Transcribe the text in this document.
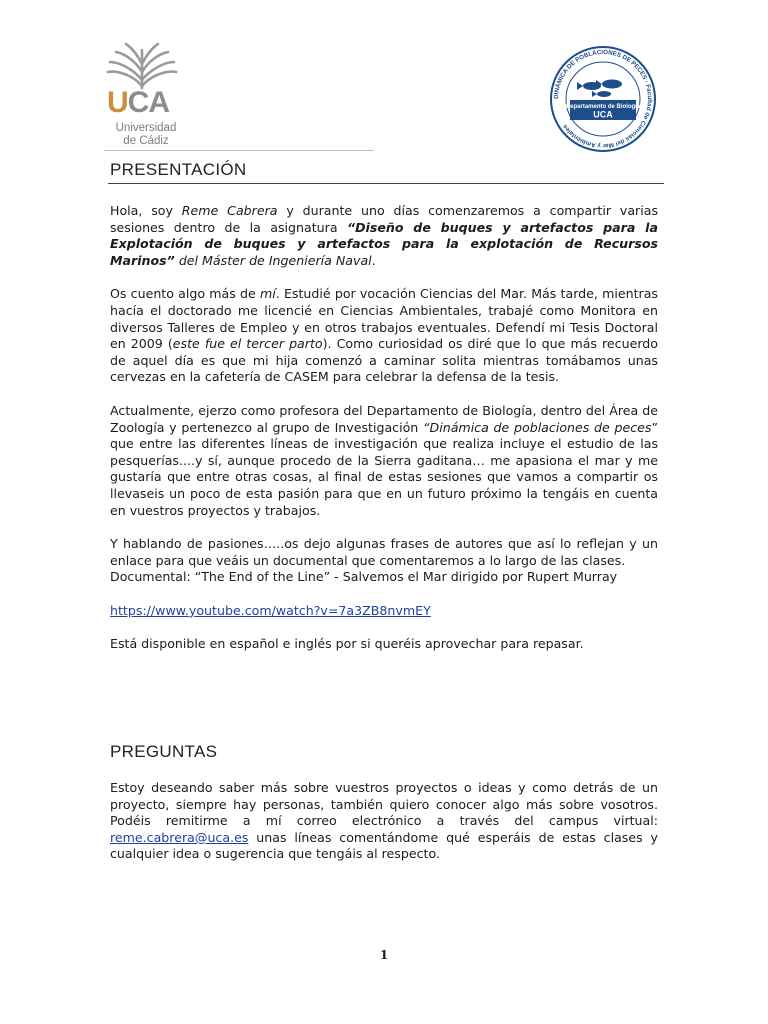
UCA
Universidad
de Cádiz
DINÁMICA DE POBLACIONES DE PECES · Facultad de Ciencias del Mar y Ambientales
Departamento de Biología
UCA
PRESENTACIÓN

Hola, soy Reme Cabrera y durante uno días comenzaremos a compartir varias sesiones dentro de la asignatura “Diseño de buques y artefactos para la Explotación de buques y artefactos para la explotación de Recursos Marinos” del Máster de Ingeniería Naval.

Os cuento algo más de mí. Estudié por vocación Ciencias del Mar. Más tarde, mientras hacía el doctorado me licencié en Ciencias Ambientales, trabajé como Monitora en diversos Talleres de Empleo y en otros trabajos eventuales. Defendí mi Tesis Doctoral en 2009 (este fue el tercer parto). Como curiosidad os diré que lo que más recuerdo de aquel día es que mi hija comenzó a caminar solita mientras tomábamos unas cervezas en la cafetería de CASEM para celebrar la defensa de la tesis.

Actualmente, ejerzo como profesora del Departamento de Biología, dentro del Área de Zoología y pertenezco al grupo de Investigación “Dinámica de poblaciones de peces” que entre las diferentes líneas de investigación que realiza incluye el estudio de las pesquerías....y sí, aunque procedo de la Sierra gaditana… me apasiona el mar y me gustaría que entre otras cosas, al final de estas sesiones que vamos a compartir os llevaseis un poco de esta pasión para que en un futuro próximo la tengáis en cuenta en vuestros proyectos y trabajos.

Y hablando de pasiones…..os dejo algunas frases de autores que así lo reflejan y un enlace para que veáis un documental que comentaremos a lo largo de las clases.

Documental: “The End of the Line” - Salvemos el Mar dirigido por Rupert Murray

https://www.youtube.com/watch?v=7a3ZB8nvmEY

Está disponible en español e inglés por si queréis aprovechar para repasar.

PREGUNTAS

Estoy deseando saber más sobre vuestros proyectos o ideas y como detrás de un proyecto, siempre hay personas, también quiero conocer algo más sobre vosotros. Podéis remitirme a mí correo electrónico a través del campus virtual: reme.cabrera@uca.es unas líneas comentándome qué esperáis de estas clases y cualquier idea o sugerencia que tengáis al respecto.

1
